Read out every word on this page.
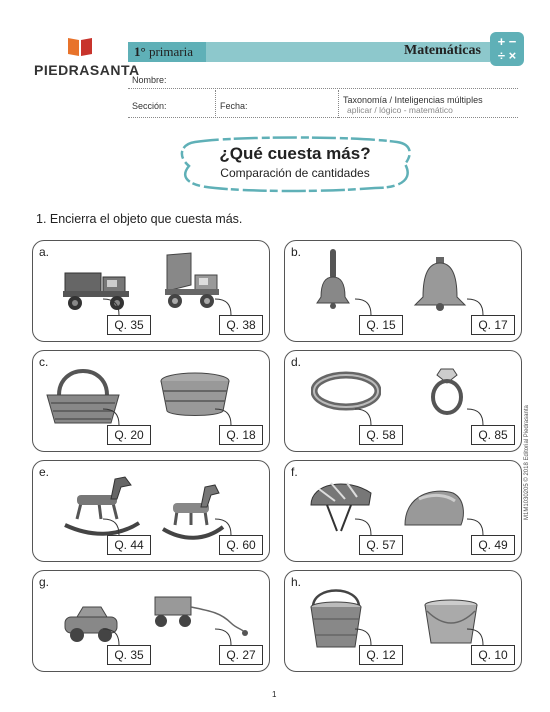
PIEDRASANTA
1° primaria	Matemáticas
+ −
÷ ×
Nombre:
Sección:	Fecha:
Taxonomía / Inteligencias múltiples
aplicar / lógico - matemático
¿Qué cuesta más?
Comparación de cantidades
1. Encierra el objeto que cuesta más.
a.
Q. 35	Q. 38
b.
Q. 15	Q. 17
c.
Q. 20	Q. 18
d.
Q. 58	Q. 85
e.
Q. 44	Q. 60
f.
Q. 57	Q. 49
g.
Q. 35	Q. 27
h.
Q. 12	Q. 10
M1M1030205 © 2018 Editorial Piedrasanta
1
